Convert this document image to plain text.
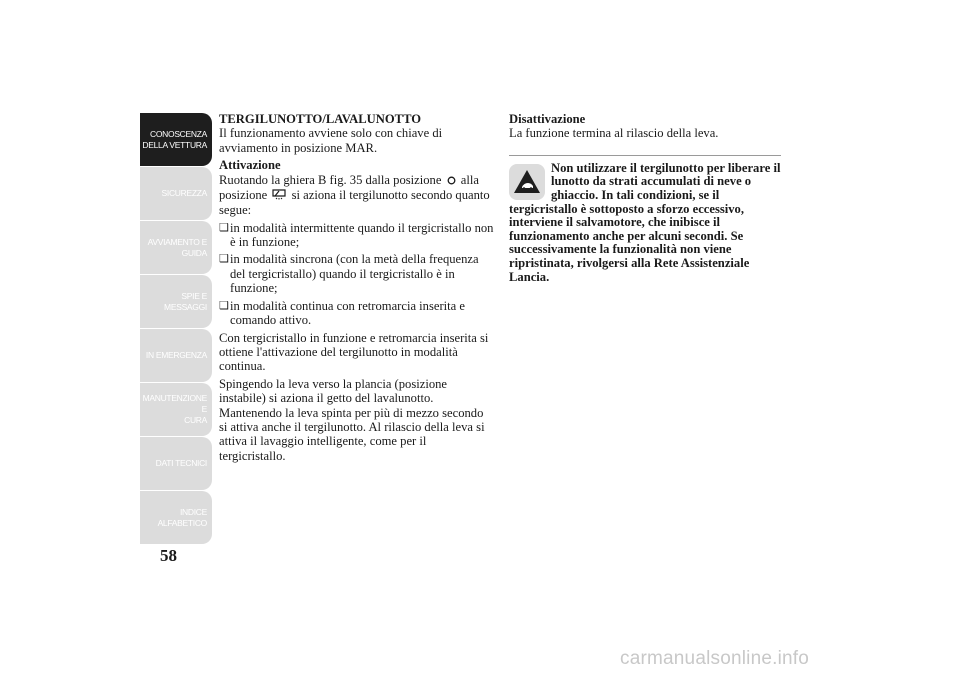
CONOSCENZA
DELLA VETTURA
SICUREZZA
AVVIAMENTO E
GUIDA
SPIE E MESSAGGI
IN EMERGENZA
MANUTENZIONE E
CURA
DATI TECNICI
INDICE
ALFABETICO
58

TERGILUNOTTO/LAVALUNOTTO

Il funzionamento avviene solo con chiave di avviamento in posizione MAR.

Attivazione

Ruotando la ghiera B fig. 35 dalla posizione alla posizione si aziona il tergilunotto secondo quanto segue:

❑ in modalità intermittente quando il tergicristallo non è in funzione;
❑ in modalità sincrona (con la metà della frequenza del tergicristallo) quando il tergicristallo è in funzione;
❑ in modalità continua con retromarcia inserita e comando attivo.

Con tergicristallo in funzione e retromarcia inserita si ottiene l'attivazione del tergilunotto in modalità continua.

Spingendo la leva verso la plancia (posizione instabile) si aziona il getto del lavalunotto. Mantenendo la leva spinta per più di mezzo secondo si attiva anche il tergilunotto. Al rilascio della leva si attiva il lavaggio intelligente, come per il tergicristallo.

Disattivazione

La funzione termina al rilascio della leva.

Non utilizzare il tergilunotto per liberare il lunotto da strati accumulati di neve o ghiaccio. In tali condizioni, se il tergicristallo è sottoposto a sforzo eccessivo, interviene il salvamotore, che inibisce il funzionamento anche per alcuni secondi. Se successivamente la funzionalità non viene ripristinata, rivolgersi alla Rete Assistenziale Lancia.
carmanualsonline.info
